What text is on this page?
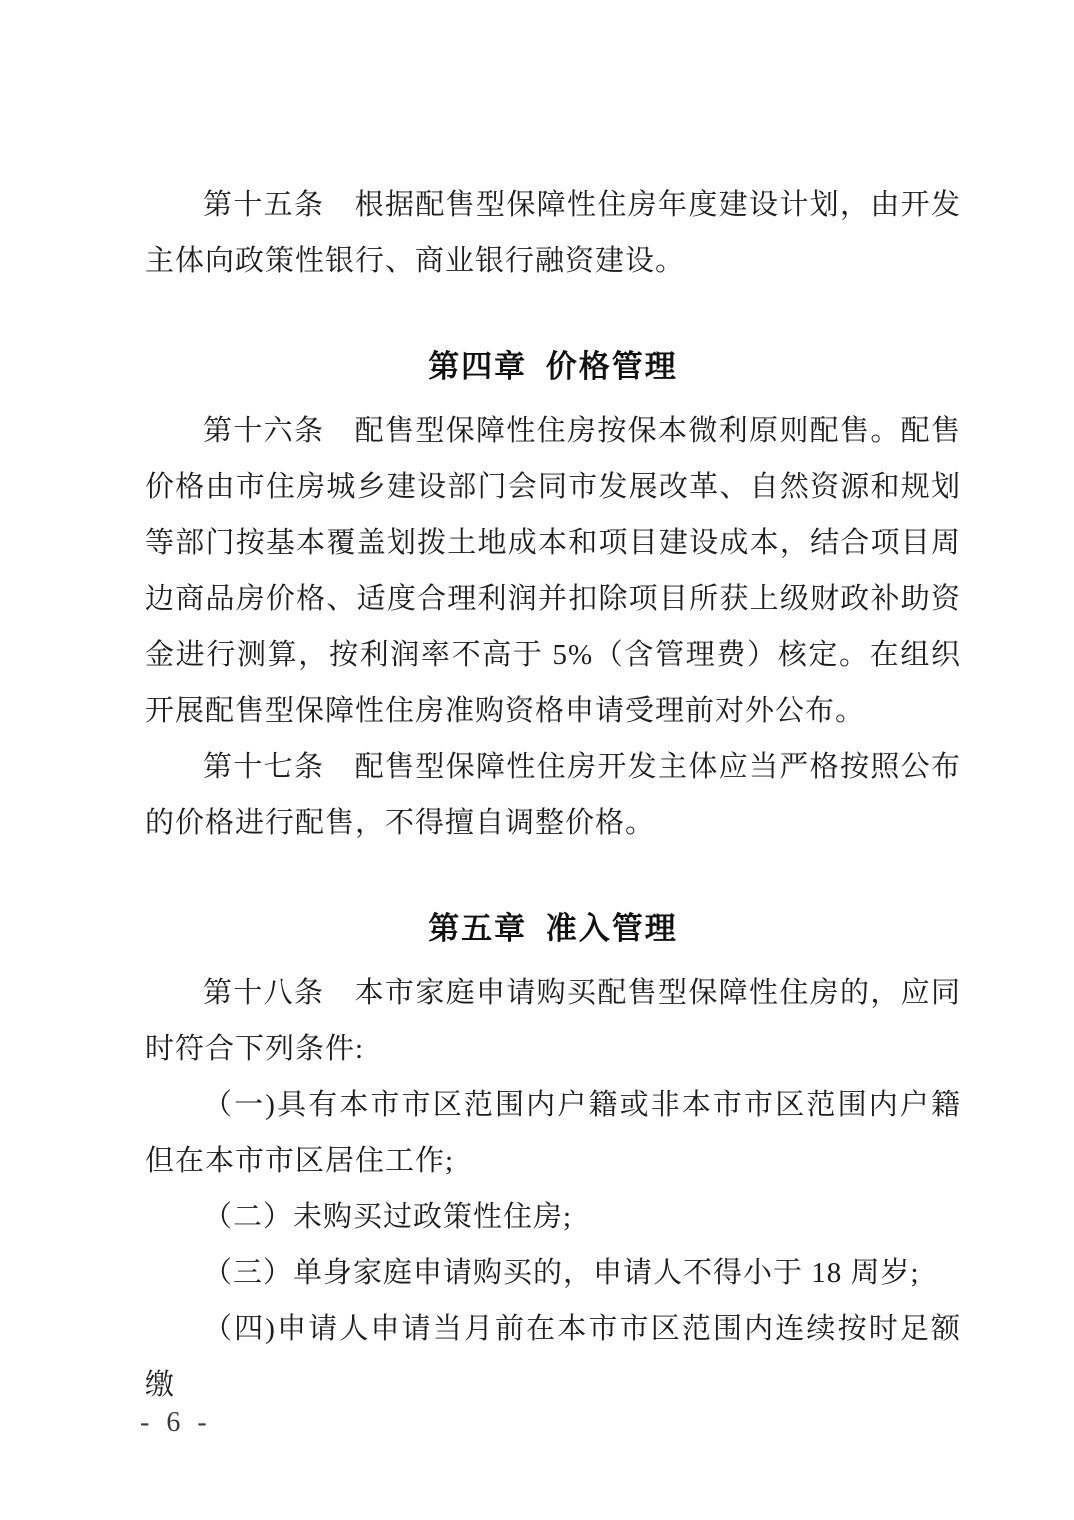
第十五条　根据配售型保障性住房年度建设计划，由开发主体向政策性银行、商业银行融资建设。

第四章 价格管理

第十六条　配售型保障性住房按保本微利原则配售。配售价格由市住房城乡建设部门会同市发展改革、自然资源和规划等部门按基本覆盖划拨土地成本和项目建设成本，结合项目周边商品房价格、适度合理利润并扣除项目所获上级财政补助资金进行测算，按利润率不高于 5%（含管理费）核定。在组织开展配售型保障性住房准购资格申请受理前对外公布。

第十七条　配售型保障性住房开发主体应当严格按照公布的价格进行配售，不得擅自调整价格。

第五章 准入管理

第十八条　本市家庭申请购买配售型保障性住房的，应同时符合下列条件:

（一)具有本市市区范围内户籍或非本市市区范围内户籍但在本市市区居住工作;

（二）未购买过政策性住房;

（三）单身家庭申请购买的，申请人不得小于 18 周岁;

（四)申请人申请当月前在本市市区范围内连续按时足额缴

- 6 -
